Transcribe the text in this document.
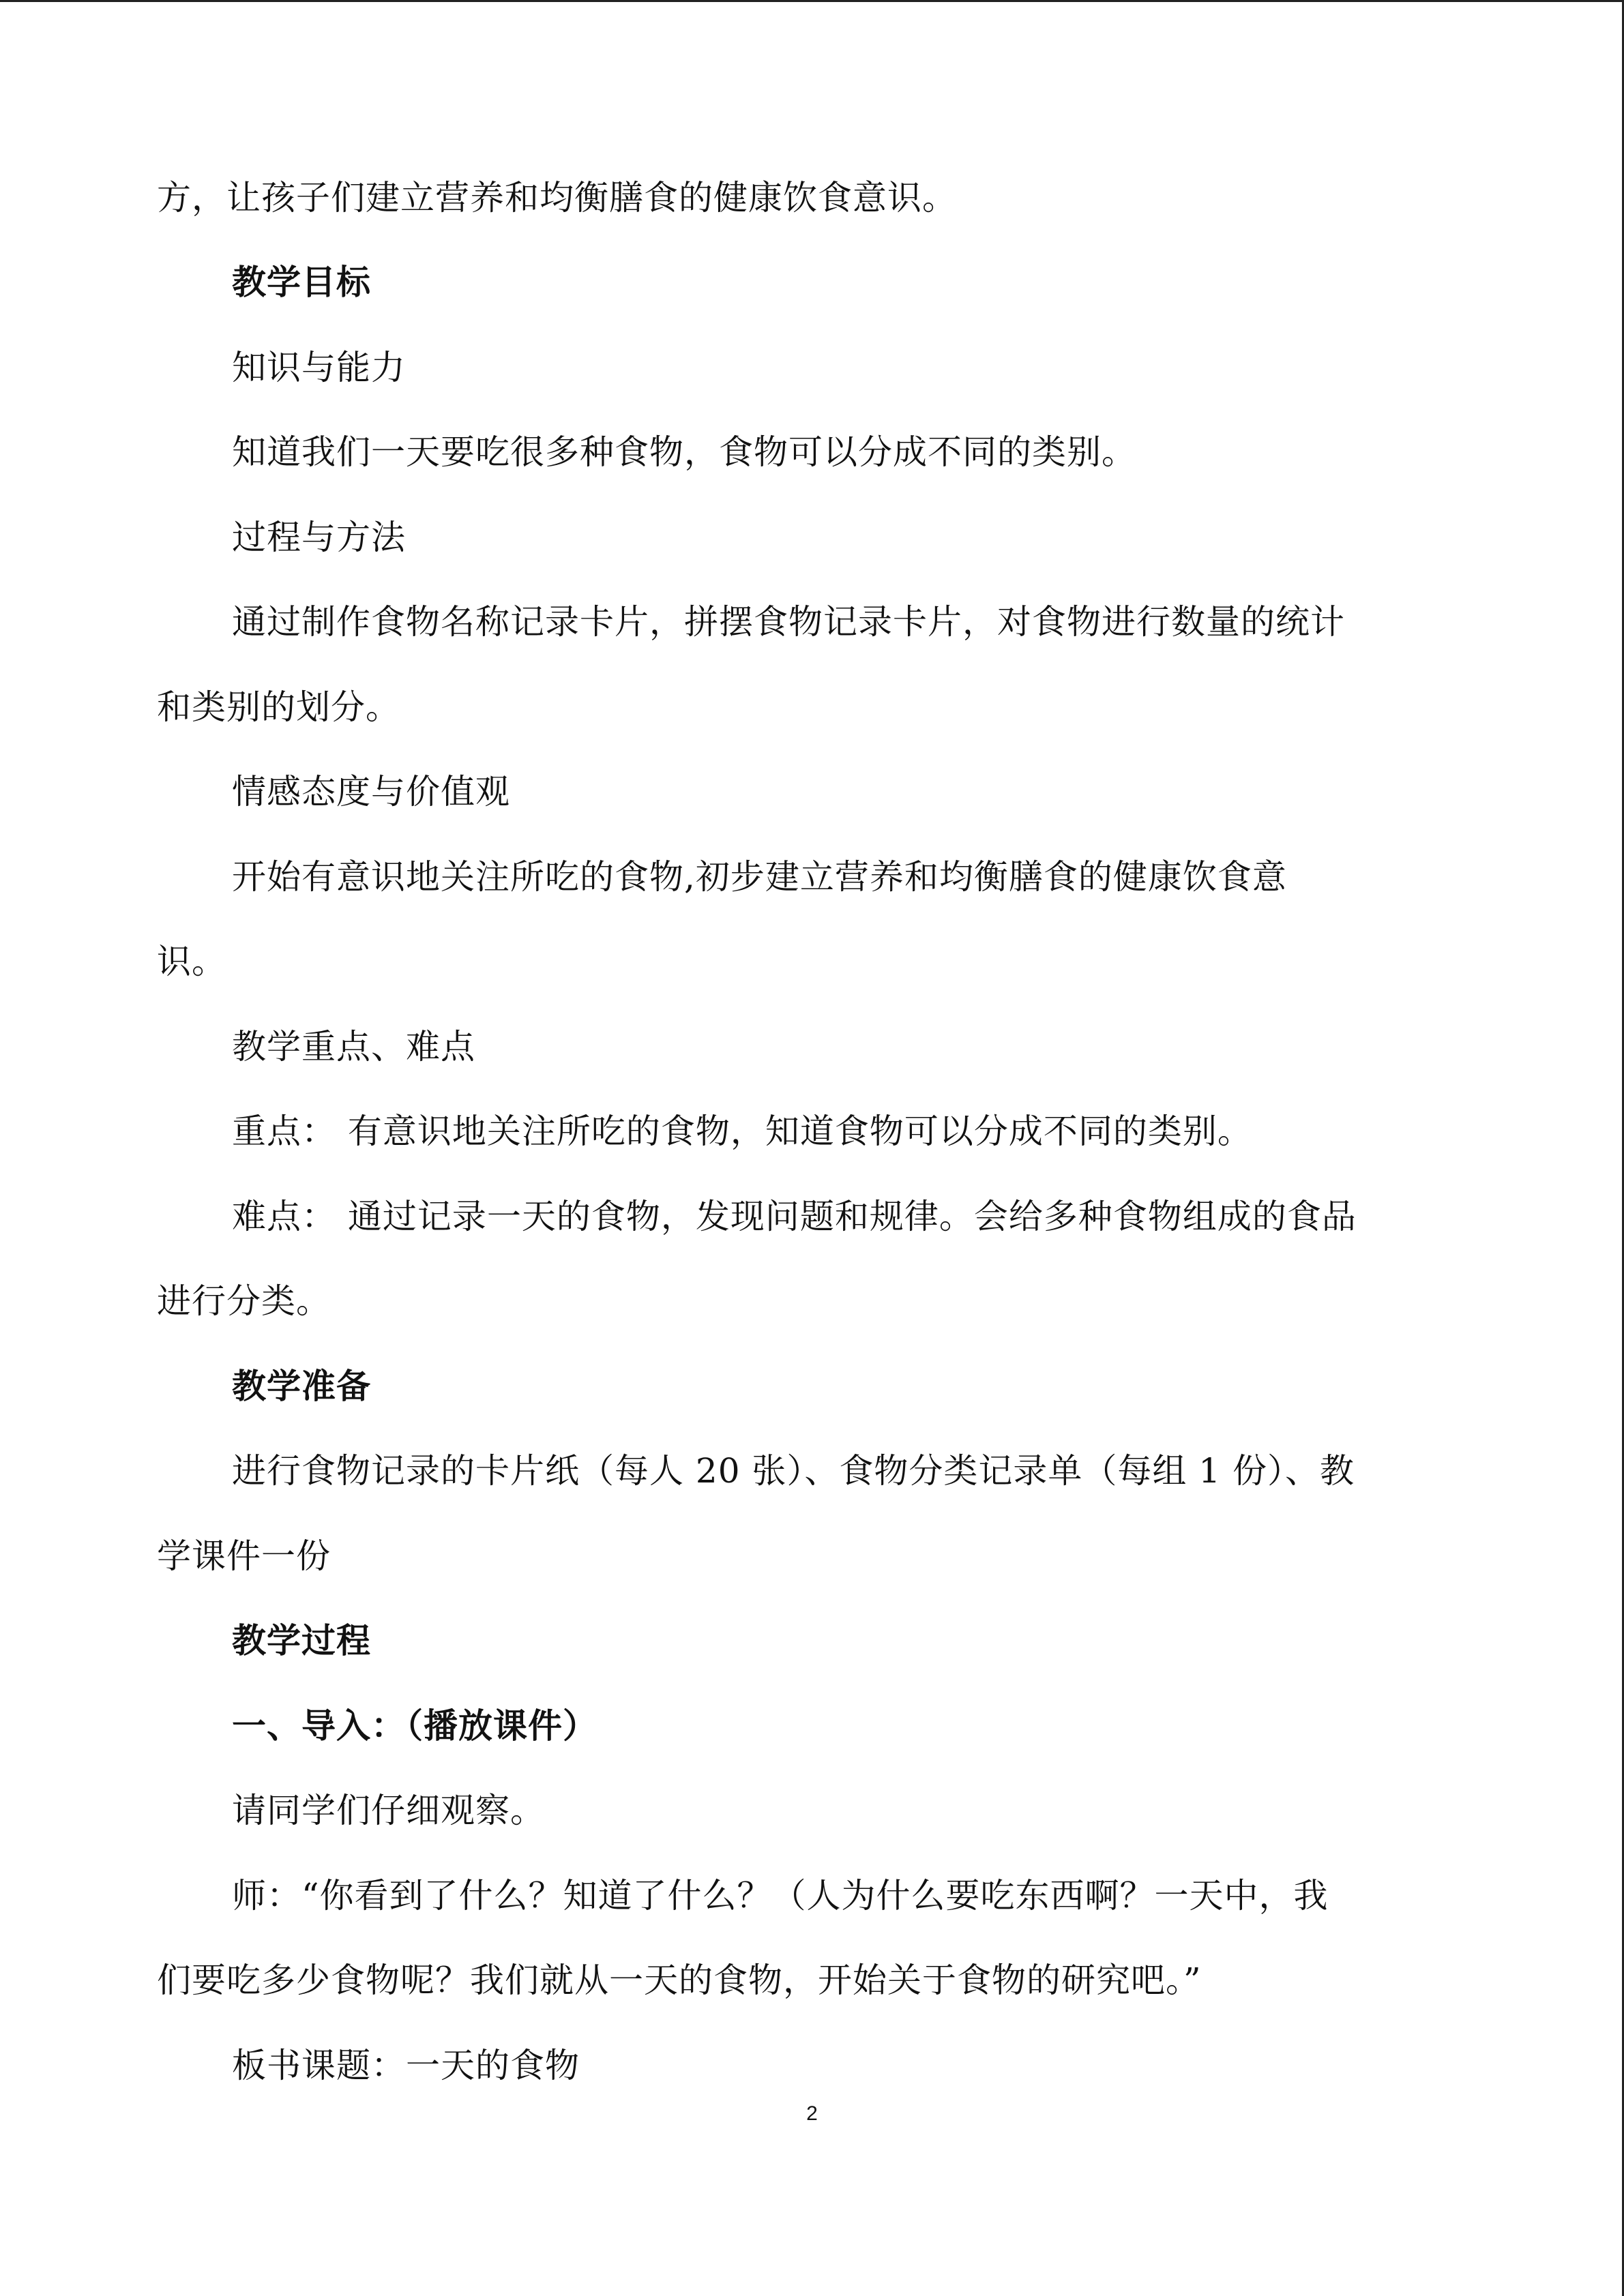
方，让孩子们建立营养和均衡膳食的健康饮食意识。
教学目标
知识与能力
知道我们一天要吃很多种食物，食物可以分成不同的类别。
过程与方法
通过制作食物名称记录卡片，拼摆食物记录卡片，对食物进行数量的统计
和类别的划分。
情感态度与价值观
开始有意识地关注所吃的食物,初步建立营养和均衡膳食的健康饮食意
识。
教学重点、难点
重点： 有意识地关注所吃的食物，知道食物可以分成不同的类别。
难点： 通过记录一天的食物，发现问题和规律。会给多种食物组成的食品
进行分类。
教学准备
进行食物记录的卡片纸（每人 20 张）、食物分类记录单（每组 1 份）、教
学课件一份
教学过程
一、导入：（播放课件）
请同学们仔细观察。
师：“你看到了什么？知道了什么？（人为什么要吃东西啊？一天中，我
们要吃多少食物呢？我们就从一天的食物，开始关于食物的研究吧。”
板书课题：一天的食物
2
